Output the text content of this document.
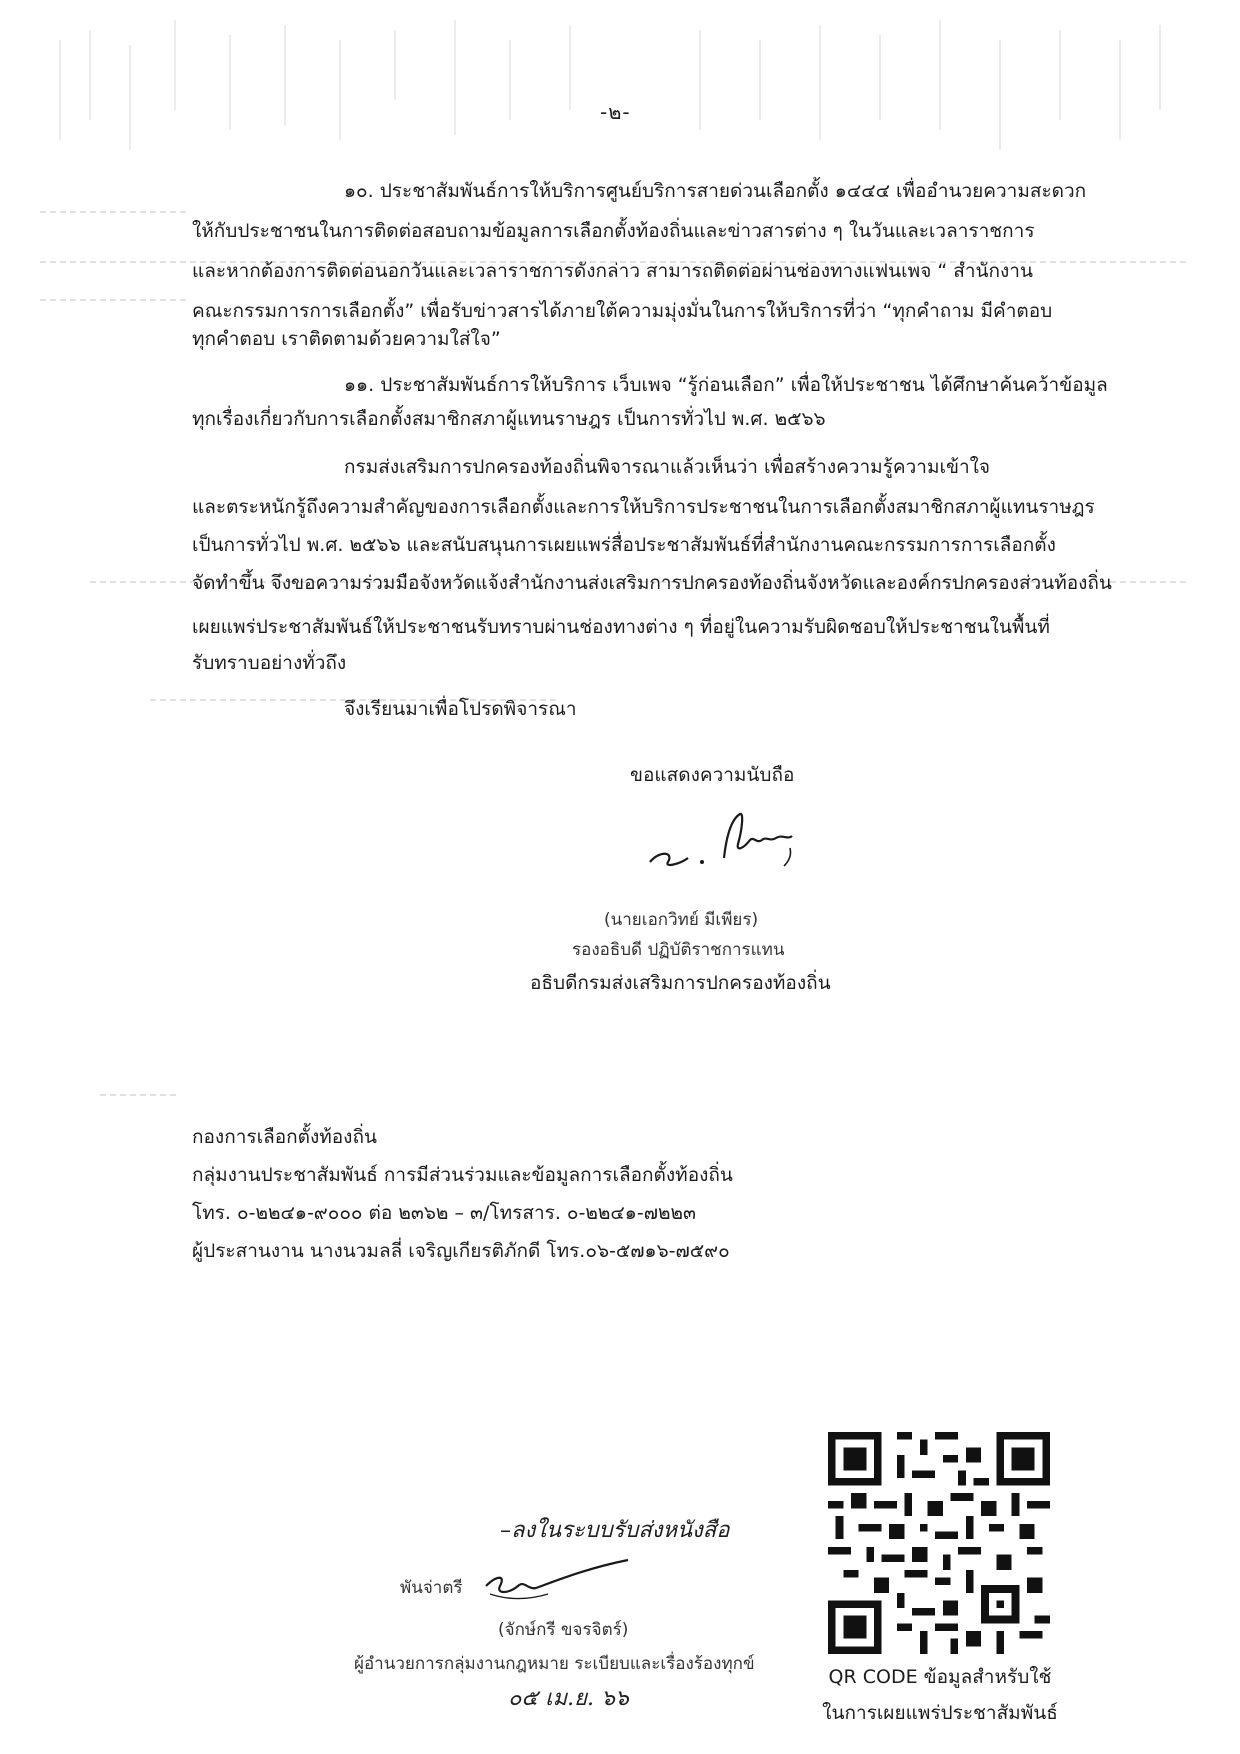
-๒-
๑๐. ประชาสัมพันธ์การให้บริการศูนย์บริการสายด่วนเลือกตั้ง ๑๔๔๔ เพื่ออำนวยความสะดวก
ให้กับประชาชนในการติดต่อสอบถามข้อมูลการเลือกตั้งท้องถิ่นและข่าวสารต่าง ๆ ในวันและเวลาราชการ
และหากต้องการติดต่อนอกวันและเวลาราชการดังกล่าว สามารถติดต่อผ่านช่องทางแฟนเพจ “ สำนักงาน
คณะกรรมการการเลือกตั้ง” เพื่อรับข่าวสารได้ภายใต้ความมุ่งมั่นในการให้บริการที่ว่า “ทุกคำถาม มีคำตอบ
ทุกคำตอบ เราติดตามด้วยความใส่ใจ”
๑๑. ประชาสัมพันธ์การให้บริการ เว็บเพจ “รู้ก่อนเลือก” เพื่อให้ประชาชน ได้ศึกษาค้นคว้าข้อมูล
ทุกเรื่องเกี่ยวกับการเลือกตั้งสมาชิกสภาผู้แทนราษฎร เป็นการทั่วไป พ.ศ. ๒๕๖๖
กรมส่งเสริมการปกครองท้องถิ่นพิจารณาแล้วเห็นว่า เพื่อสร้างความรู้ความเข้าใจ
และตระหนักรู้ถึงความสำคัญของการเลือกตั้งและการให้บริการประชาชนในการเลือกตั้งสมาชิกสภาผู้แทนราษฎร
เป็นการทั่วไป พ.ศ. ๒๕๖๖ และสนับสนุนการเผยแพร่สื่อประชาสัมพันธ์ที่สำนักงานคณะกรรมการการเลือกตั้ง
จัดทำขึ้น จึงขอความร่วมมือจังหวัดแจ้งสำนักงานส่งเสริมการปกครองท้องถิ่นจังหวัดและองค์กรปกครองส่วนท้องถิ่น
เผยแพร่ประชาสัมพันธ์ให้ประชาชนรับทราบผ่านช่องทางต่าง ๆ ที่อยู่ในความรับผิดชอบให้ประชาชนในพื้นที่
รับทราบอย่างทั่วถึง
จึงเรียนมาเพื่อโปรดพิจารณา
ขอแสดงความนับถือ
(นายเอกวิทย์ มีเพียร)
รองอธิบดี ปฏิบัติราชการแทน
อธิบดีกรมส่งเสริมการปกครองท้องถิ่น
กองการเลือกตั้งท้องถิ่น
กลุ่มงานประชาสัมพันธ์ การมีส่วนร่วมและข้อมูลการเลือกตั้งท้องถิ่น
โทร. ๐-๒๒๔๑-๙๐๐๐ ต่อ ๒๓๖๒ – ๓/โทรสาร. ๐-๒๒๔๑-๗๒๒๓
ผู้ประสานงาน นางนวมลลี่ เจริญเกียรติภักดี โทร.๐๖-๕๗๑๖-๗๕๙๐
–ลงในระบบรับส่งหนังสือ
พันจ่าตรี
(จักษ์กรี ขจรจิตร์)
ผู้อำนวยการกลุ่มงานกฎหมาย ระเบียบและเรื่องร้องทุกข์
๐๕ เม.ย. ๖๖
QR CODE ข้อมูลสำหรับใช้
ในการเผยแพร่ประชาสัมพันธ์
